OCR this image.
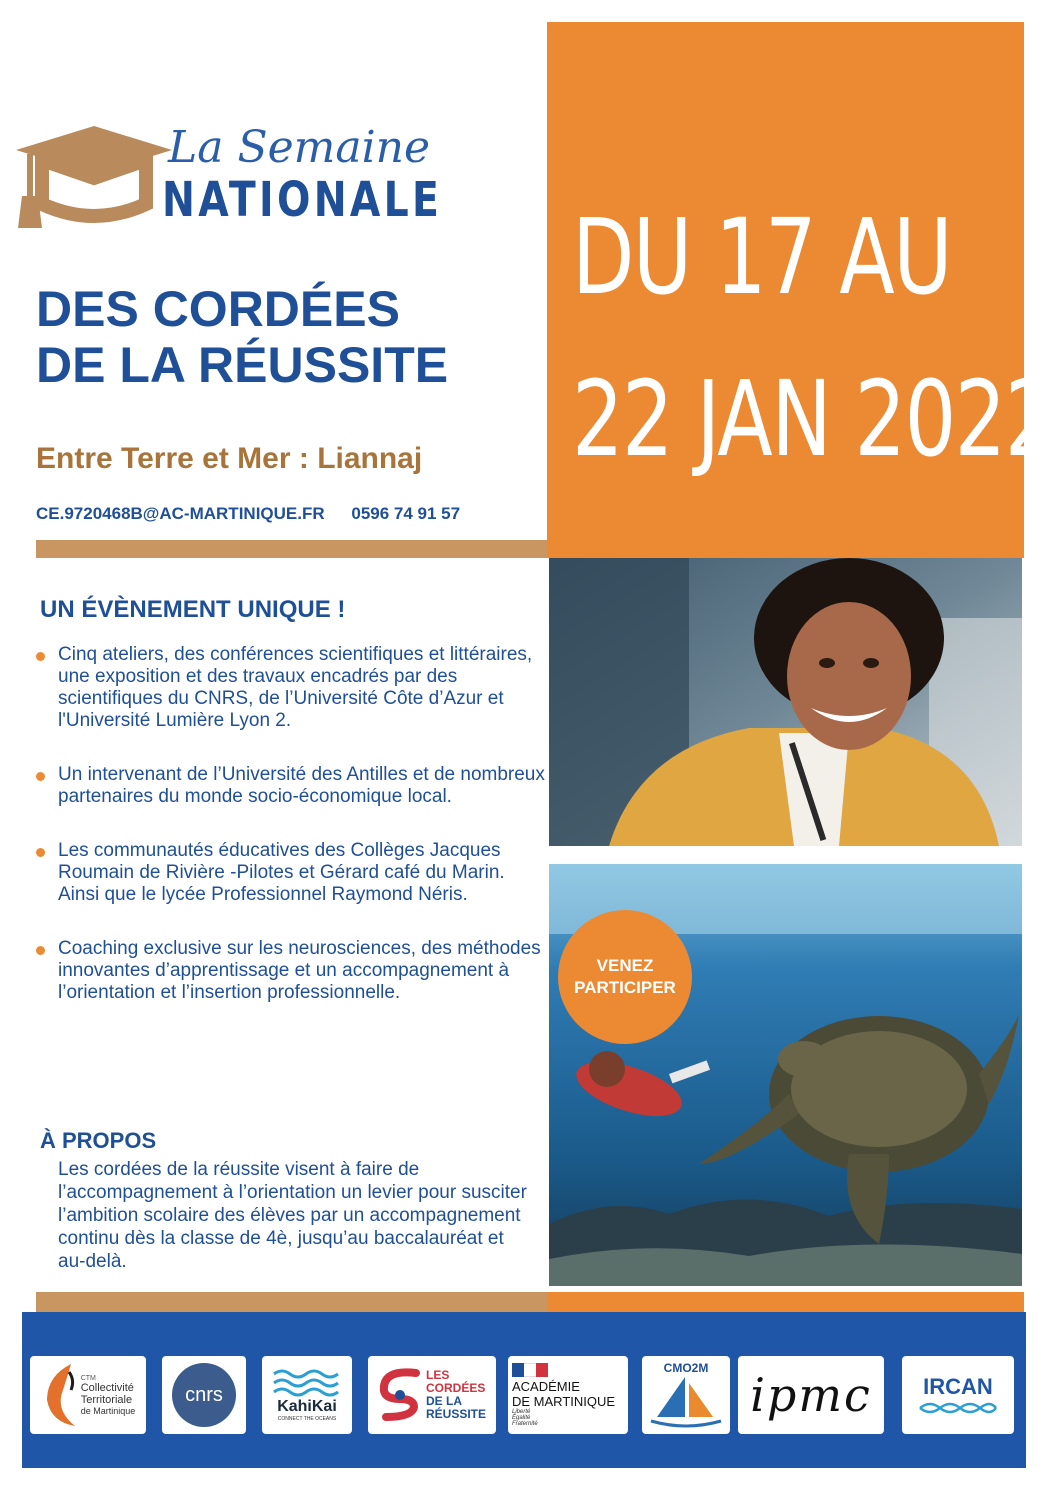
DU 17 AU
22 JAN 2022
La Semaine
NATIONALE
DES CORDÉES
DE LA RÉUSSITE
Entre Terre et Mer : Liannaj
CE.9720468B@AC-MARTINIQUE.FR 0596 74 91 57
VENEZ
PARTICIPER
UN ÉVÈNEMENT UNIQUE !
Cinq ateliers, des conférences scientifiques et littéraires, une exposition et des travaux encadrés par des scientifiques du CNRS, de l’Université Côte d’Azur et l'Université Lumière Lyon 2.
Un intervenant de l’Université des Antilles et de nombreux partenaires du monde socio-économique local.
Les communautés éducatives des Collèges Jacques Roumain de Rivière -Pilotes et Gérard café du Marin. Ainsi que le lycée Professionnel Raymond Néris.
Coaching exclusive sur les neurosciences, des méthodes innovantes d’apprentissage et un accompagnement à l’orientation et l’insertion professionnelle.
À PROPOS
Les cordées de la réussite visent à faire de l’accompagnement à l’orientation un levier pour susciter l’ambition scolaire des élèves par un accompagnement continu dès la classe de 4è, jusqu’au baccalauréat et au-delà.
CTM
Collectivité
Territoriale
de Martinique
cnrs
KahiKai
CONNECT THE OCEANS
LES
CORDÉES
DE LA
RÉUSSITE
ACADÉMIE
DE MARTINIQUE
Liberté
Égalité
Fraternité
CMO2M ipmc IRCAN
